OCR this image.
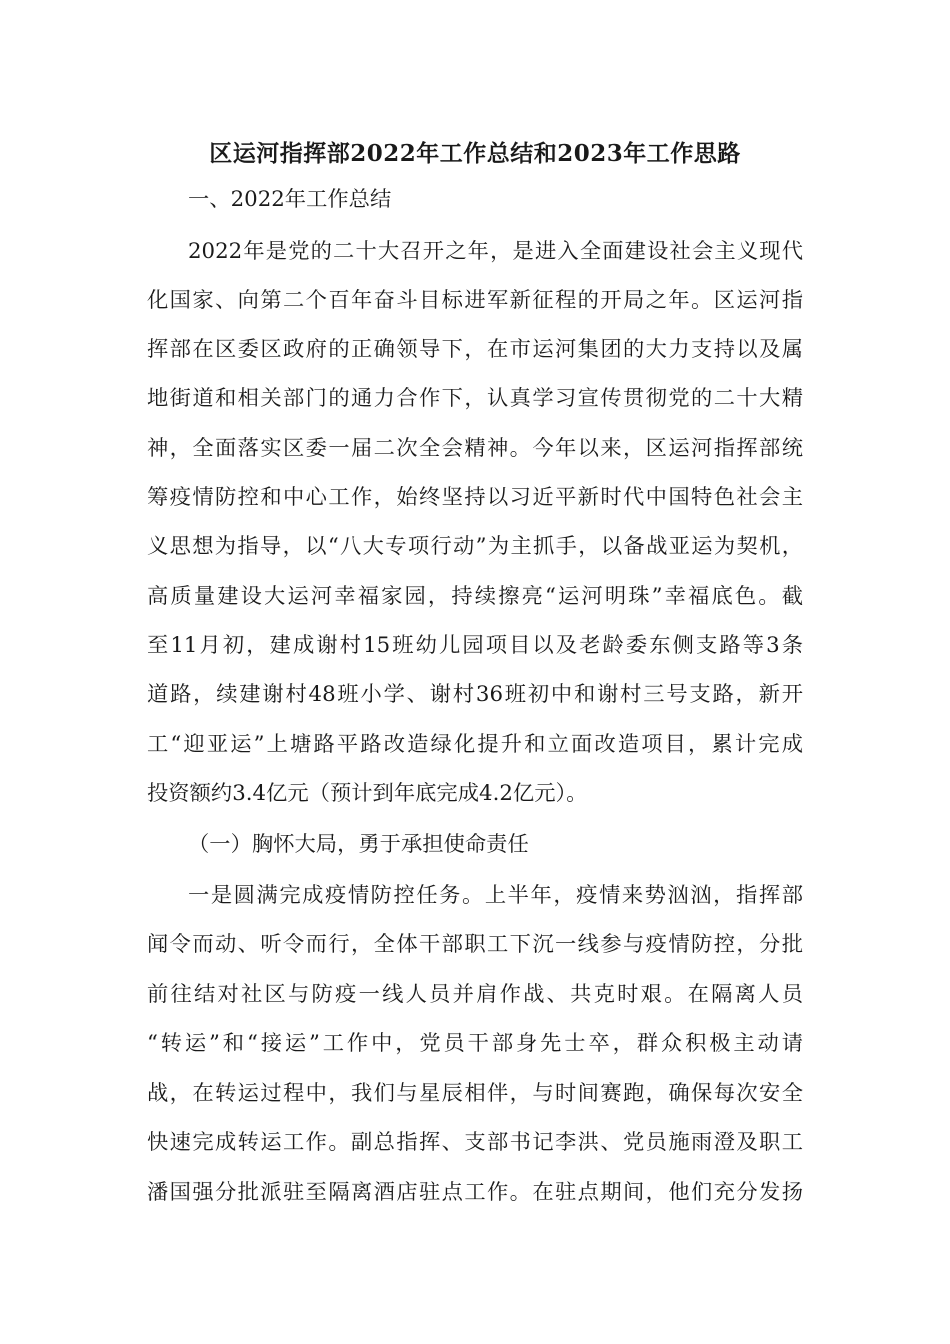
区运河指挥部2022年工作总结和2023年工作思路
一、2022年工作总结
2022年是党的二十大召开之年，是进入全面建设社会主义现代
化国家、向第二个百年奋斗目标进军新征程的开局之年。区运河指
挥部在区委区政府的正确领导下，在市运河集团的大力支持以及属
地街道和相关部门的通力合作下，认真学习宣传贯彻党的二十大精
神，全面落实区委一届二次全会精神。今年以来，区运河指挥部统
筹疫情防控和中心工作，始终坚持以习近平新时代中国特色社会主
义思想为指导，以“八大专项行动”为主抓手，以备战亚运为契机，
高质量建设大运河幸福家园，持续擦亮“运河明珠”幸福底色。截
至11月初，建成谢村15班幼儿园项目以及老龄委东侧支路等3条
道路，续建谢村48班小学、谢村36班初中和谢村三号支路，新开
工“迎亚运”上塘路平路改造绿化提升和立面改造项目，累计完成
投资额约3.4亿元（预计到年底完成4.2亿元）。
（一）胸怀大局，勇于承担使命责任
一是圆满完成疫情防控任务。上半年，疫情来势汹汹，指挥部
闻令而动、听令而行，全体干部职工下沉一线参与疫情防控，分批
前往结对社区与防疫一线人员并肩作战、共克时艰。在隔离人员
“转运”和“接运”工作中，党员干部身先士卒，群众积极主动请
战，在转运过程中，我们与星辰相伴，与时间赛跑，确保每次安全
快速完成转运工作。副总指挥、支部书记李洪、党员施雨澄及职工
潘国强分批派驻至隔离酒店驻点工作。在驻点期间，他们充分发扬
